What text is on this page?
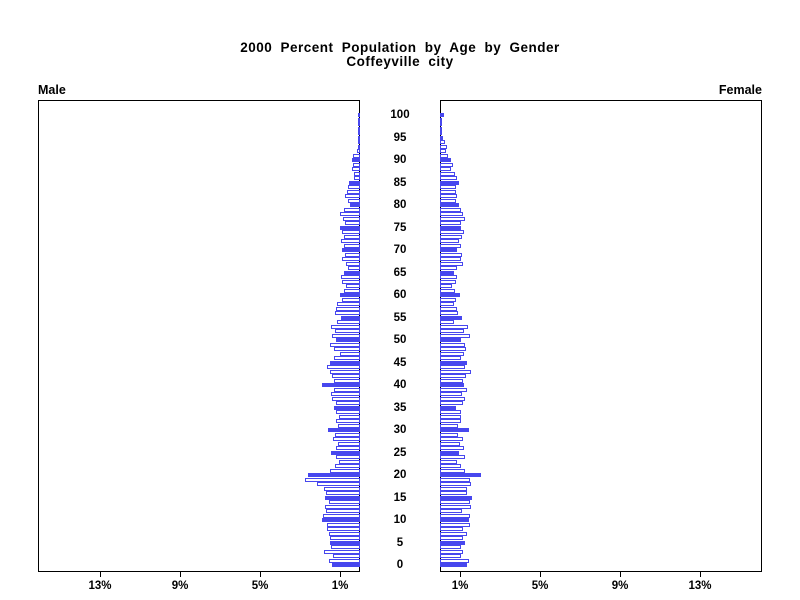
2000 Percent Population by Age by Gender
Coffeyville city
Male	Female
0
5
10
15
20
25
30
35
40
45
50
55
60
65
70
75
80
85
90
95
100
1%	1%
5%	5%
9%	9%
13%	13%
